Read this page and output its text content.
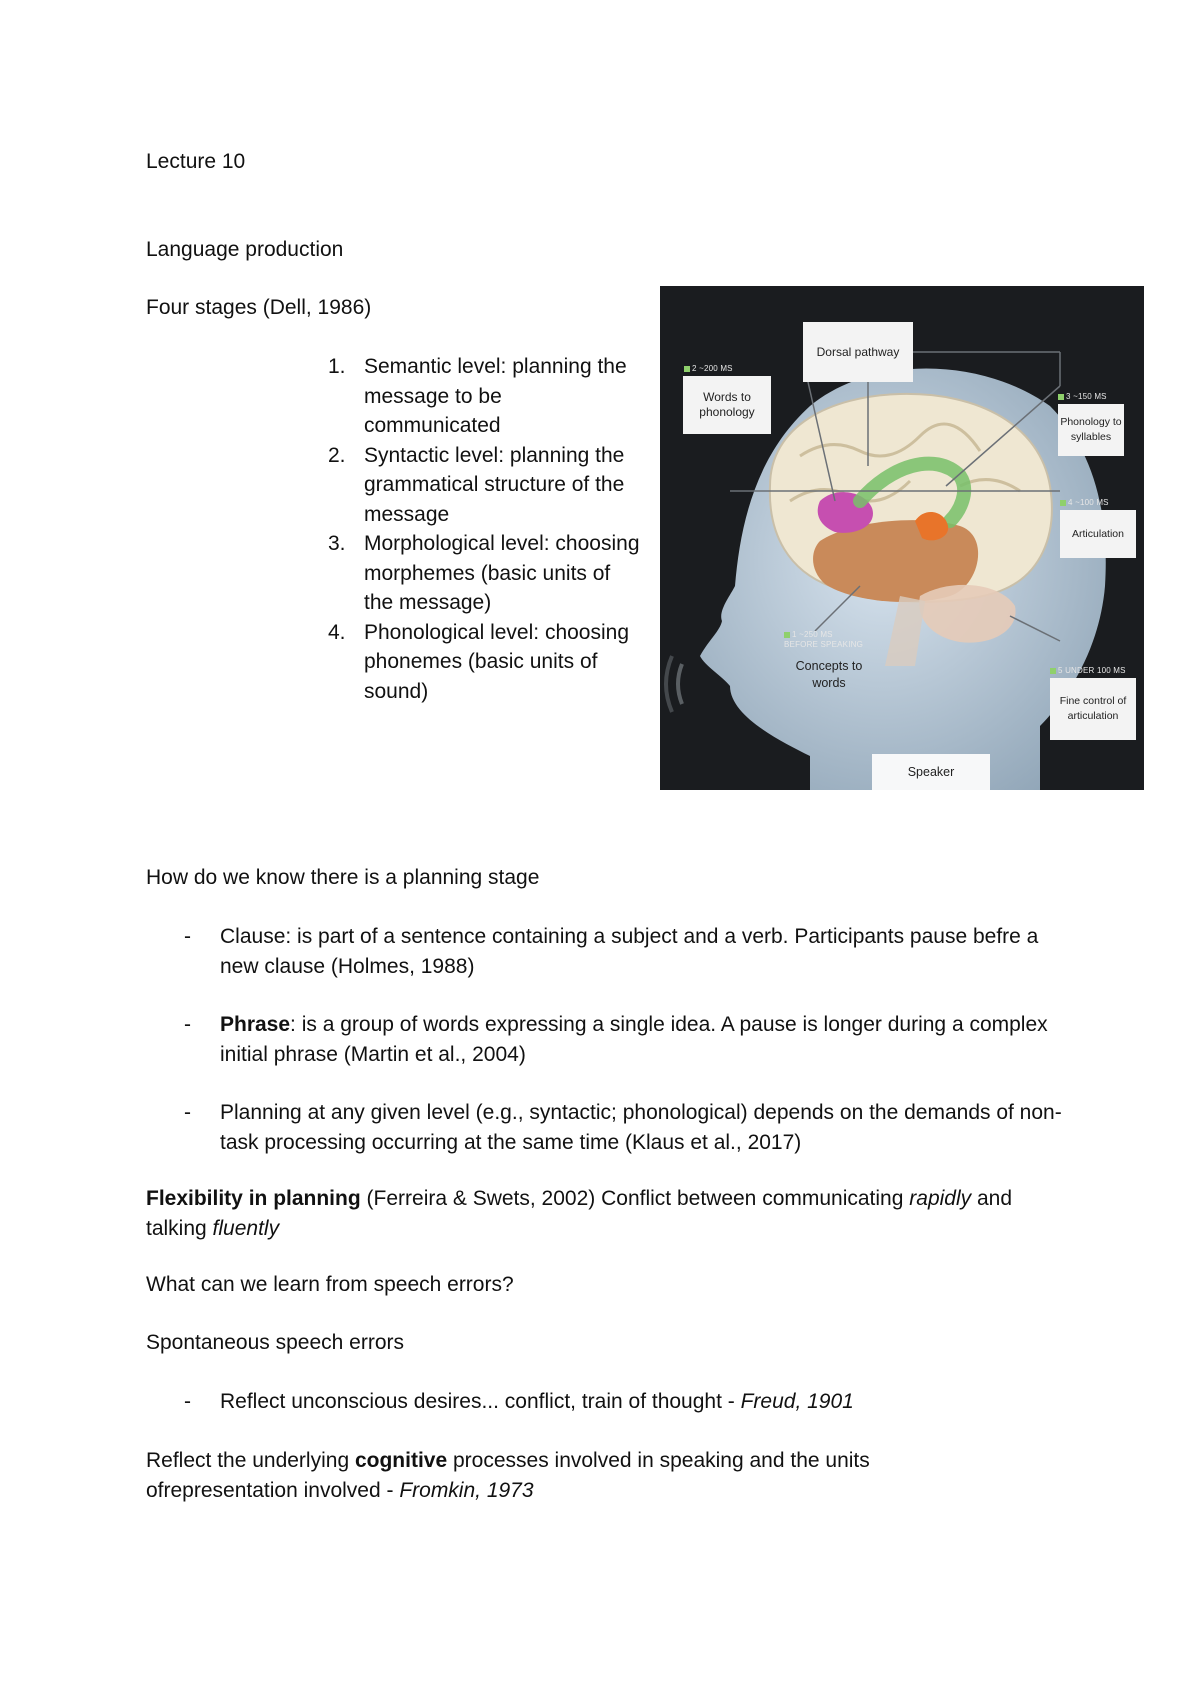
Lecture 10
Language production
Four stages (Dell, 1986)
1. Semantic level: planning the message to be communicated
2. Syntactic level: planning the grammatical structure of the message
3. Morphological level: choosing morphemes (basic units of the message)
4. Phonological level: choosing phonemes (basic units of sound)
Dorsal pathway
Words to phonology
Phonology to syllables
Articulation
Fine control of articulation
Speaker
Concepts to words
2 ~200 MS
3 ~150 MS
4 ~100 MS
1 ~250 MS
BEFORE SPEAKING
5 UNDER 100 MS
How do we know there is a planning stage
- Clause: is part of a sentence containing a subject and a verb. Participants pause befre a new clause (Holmes, 1988)
- Phrase: is a group of words expressing a single idea. A pause is longer during a complex initial phrase (Martin et al., 2004)
- Planning at any given level (e.g., syntactic; phonological) depends on the demands of non-task processing occurring at the same time (Klaus et al., 2017)
Flexibility in planning (Ferreira & Swets, 2002) Conflict between communicating rapidly and talking fluently
What can we learn from speech errors?
Spontaneous speech errors
- Reflect unconscious desires... conflict, train of thought - Freud, 1901
Reflect the underlying cognitive processes involved in speaking and the units ofrepresentation involved - Fromkin, 1973
